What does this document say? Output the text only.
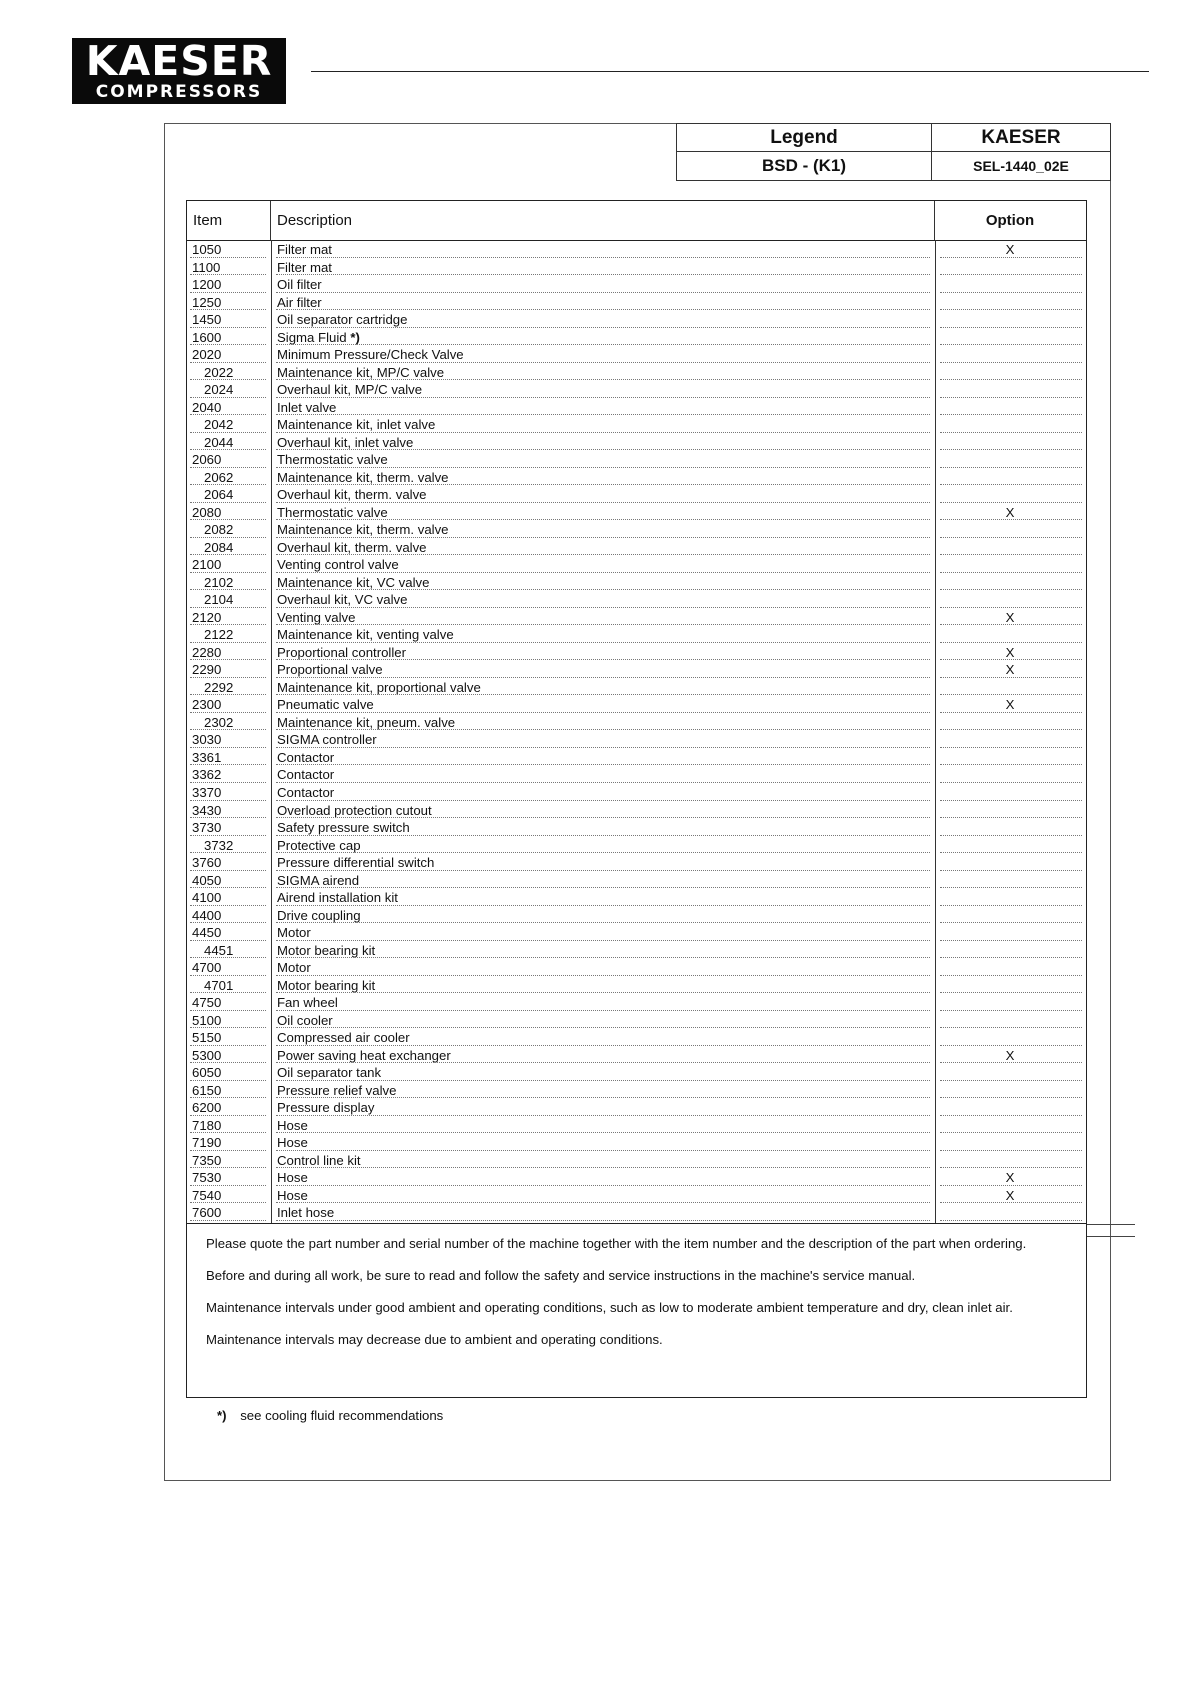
KAESER
COMPRESSORS
Legend	KAESER
BSD - (K1)	SEL-1440_02E
Item	Description	Option
1050	Filter mat	X
1100	Filter mat
1200	Oil filter
1250	Air filter
1450	Oil separator cartridge
1600	Sigma Fluid *)
2020	Minimum Pressure/Check Valve
2022	Maintenance kit, MP/C valve
2024	Overhaul kit, MP/C valve
2040	Inlet valve
2042	Maintenance kit, inlet valve
2044	Overhaul kit, inlet valve
2060	Thermostatic valve
2062	Maintenance kit, therm. valve
2064	Overhaul kit, therm. valve
2080	Thermostatic valve	X
2082	Maintenance kit, therm. valve
2084	Overhaul kit, therm. valve
2100	Venting control valve
2102	Maintenance kit, VC valve
2104	Overhaul kit, VC valve
2120	Venting valve	X
2122	Maintenance kit, venting valve
2280	Proportional controller	X
2290	Proportional valve	X
2292	Maintenance kit, proportional valve
2300	Pneumatic valve	X
2302	Maintenance kit, pneum. valve
3030	SIGMA controller
3361	Contactor
3362	Contactor
3370	Contactor
3430	Overload protection cutout
3730	Safety pressure switch
3732	Protective cap
3760	Pressure differential switch
4050	SIGMA airend
4100	Airend installation kit
4400	Drive coupling
4450	Motor
4451	Motor bearing kit
4700	Motor
4701	Motor bearing kit
4750	Fan wheel
5100	Oil cooler
5150	Compressed air cooler
5300	Power saving heat exchanger	X
6050	Oil separator tank
6150	Pressure relief valve
6200	Pressure display
7180	Hose
7190	Hose
7350	Control line kit
7530	Hose	X
7540	Hose	X
7600	Inlet hose

Please quote the part number and serial number of the machine together with the item number and the description of the part when ordering.

Before and during all work, be sure to read and follow the safety and service instructions in the machine's service manual.

Maintenance intervals under good ambient and operating conditions, such as low to moderate ambient temperature and dry, clean inlet air.

Maintenance intervals may decrease due to ambient and operating conditions.

*) see cooling fluid recommendations
